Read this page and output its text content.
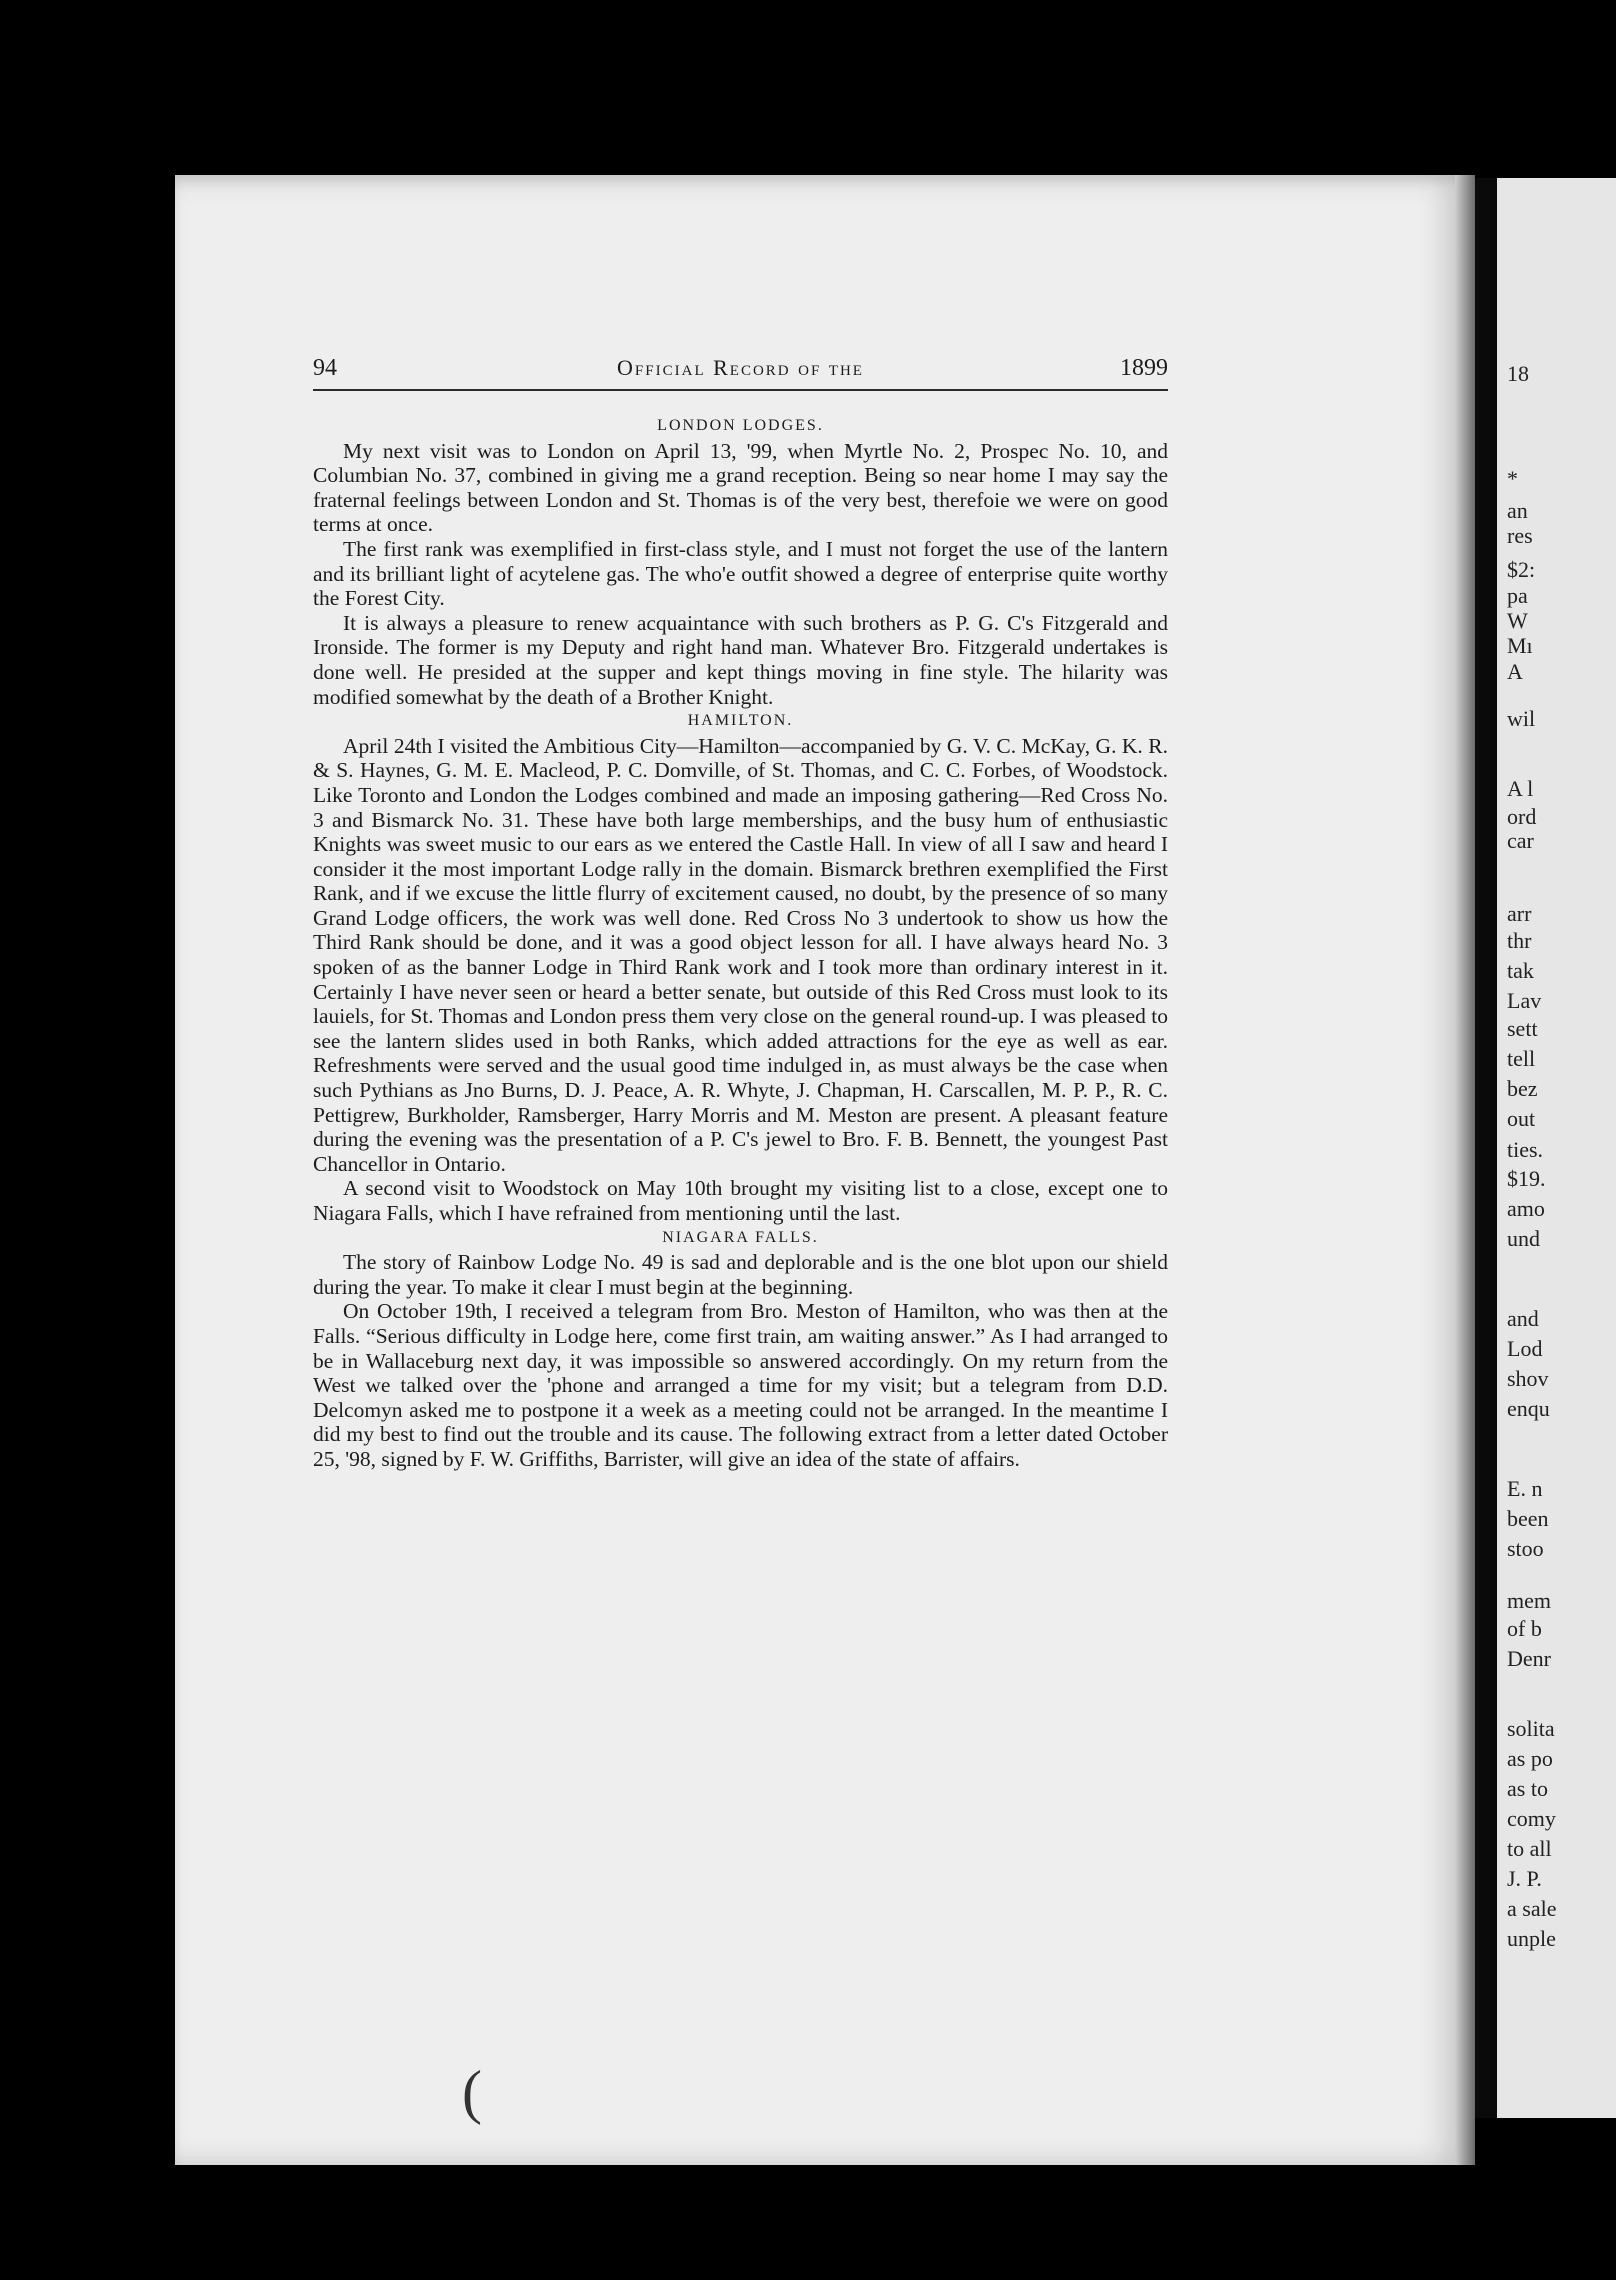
18
*
an
res
$2:
pa
W
Mı
A
wil
A l
ord
car
arr
thr
tak
Lav
sett
tell
bez
out
ties.
$19.
amo
und
and
Lod
shov
enqu
E. n
been
stoo
mem
of b
Denr
solita
as po
as to
comy
to all
J. P.
a sale
unple
94	Official Record of the	1899
LONDON LODGES.

My next visit was to London on April 13, '99, when Myrtle No. 2, Prospec No. 10, and Columbian No. 37, combined in giving me a grand reception. Being so near home I may say the fraternal feelings between London and St. Thomas is of the very best, therefoie we were on good terms at once.

The first rank was exemplified in first-class style, and I must not forget the use of the lantern and its brilliant light of acytelene gas. The who'e outfit showed a degree of enterprise quite worthy the Forest City.

It is always a pleasure to renew acquaintance with such brothers as P. G. C's Fitzgerald and Ironside. The former is my Deputy and right hand man. Whatever Bro. Fitzgerald undertakes is done well. He presided at the supper and kept things moving in fine style. The hilarity was modified somewhat by the death of a Brother Knight.

HAMILTON.

April 24th I visited the Ambitious City—Hamilton—accompanied by G. V. C. McKay, G. K. R. & S. Haynes, G. M. E. Macleod, P. C. Domville, of St. Thomas, and C. C. Forbes, of Woodstock. Like Toronto and London the Lodges combined and made an imposing gathering—Red Cross No. 3 and Bismarck No. 31. These have both large memberships, and the busy hum of enthusiastic Knights was sweet music to our ears as we entered the Castle Hall. In view of all I saw and heard I consider it the most important Lodge rally in the domain. Bismarck brethren exemplified the First Rank, and if we excuse the little flurry of excitement caused, no doubt, by the presence of so many Grand Lodge officers, the work was well done. Red Cross No 3 undertook to show us how the Third Rank should be done, and it was a good object lesson for all. I have always heard No. 3 spoken of as the banner Lodge in Third Rank work and I took more than ordinary interest in it. Certainly I have never seen or heard a better senate, but outside of this Red Cross must look to its lauiels, for St. Thomas and London press them very close on the general round-up. I was pleased to see the lantern slides used in both Ranks, which added attractions for the eye as well as ear. Refreshments were served and the usual good time indulged in, as must always be the case when such Pythians as Jno Burns, D. J. Peace, A. R. Whyte, J. Chapman, H. Carscallen, M. P. P., R. C. Pettigrew, Burkholder, Ramsberger, Harry Morris and M. Meston are present. A pleasant feature during the evening was the presentation of a P. C's jewel to Bro. F. B. Bennett, the youngest Past Chancellor in Ontario.

A second visit to Woodstock on May 10th brought my visiting list to a close, except one to Niagara Falls, which I have refrained from mentioning until the last.

NIAGARA FALLS.

The story of Rainbow Lodge No. 49 is sad and deplorable and is the one blot upon our shield during the year. To make it clear I must begin at the beginning.

On October 19th, I received a telegram from Bro. Meston of Hamilton, who was then at the Falls. “Serious difficulty in Lodge here, come first train, am waiting answer.” As I had arranged to be in Wallaceburg next day, it was impossible so answered accordingly. On my return from the West we talked over the 'phone and arranged a time for my visit; but a telegram from D.D. Delcomyn asked me to postpone it a week as a meeting could not be arranged. In the meantime I did my best to find out the trouble and its cause. The following extract from a letter dated October 25, '98, signed by F. W. Griffiths, Barrister, will give an idea of the state of affairs.

(
